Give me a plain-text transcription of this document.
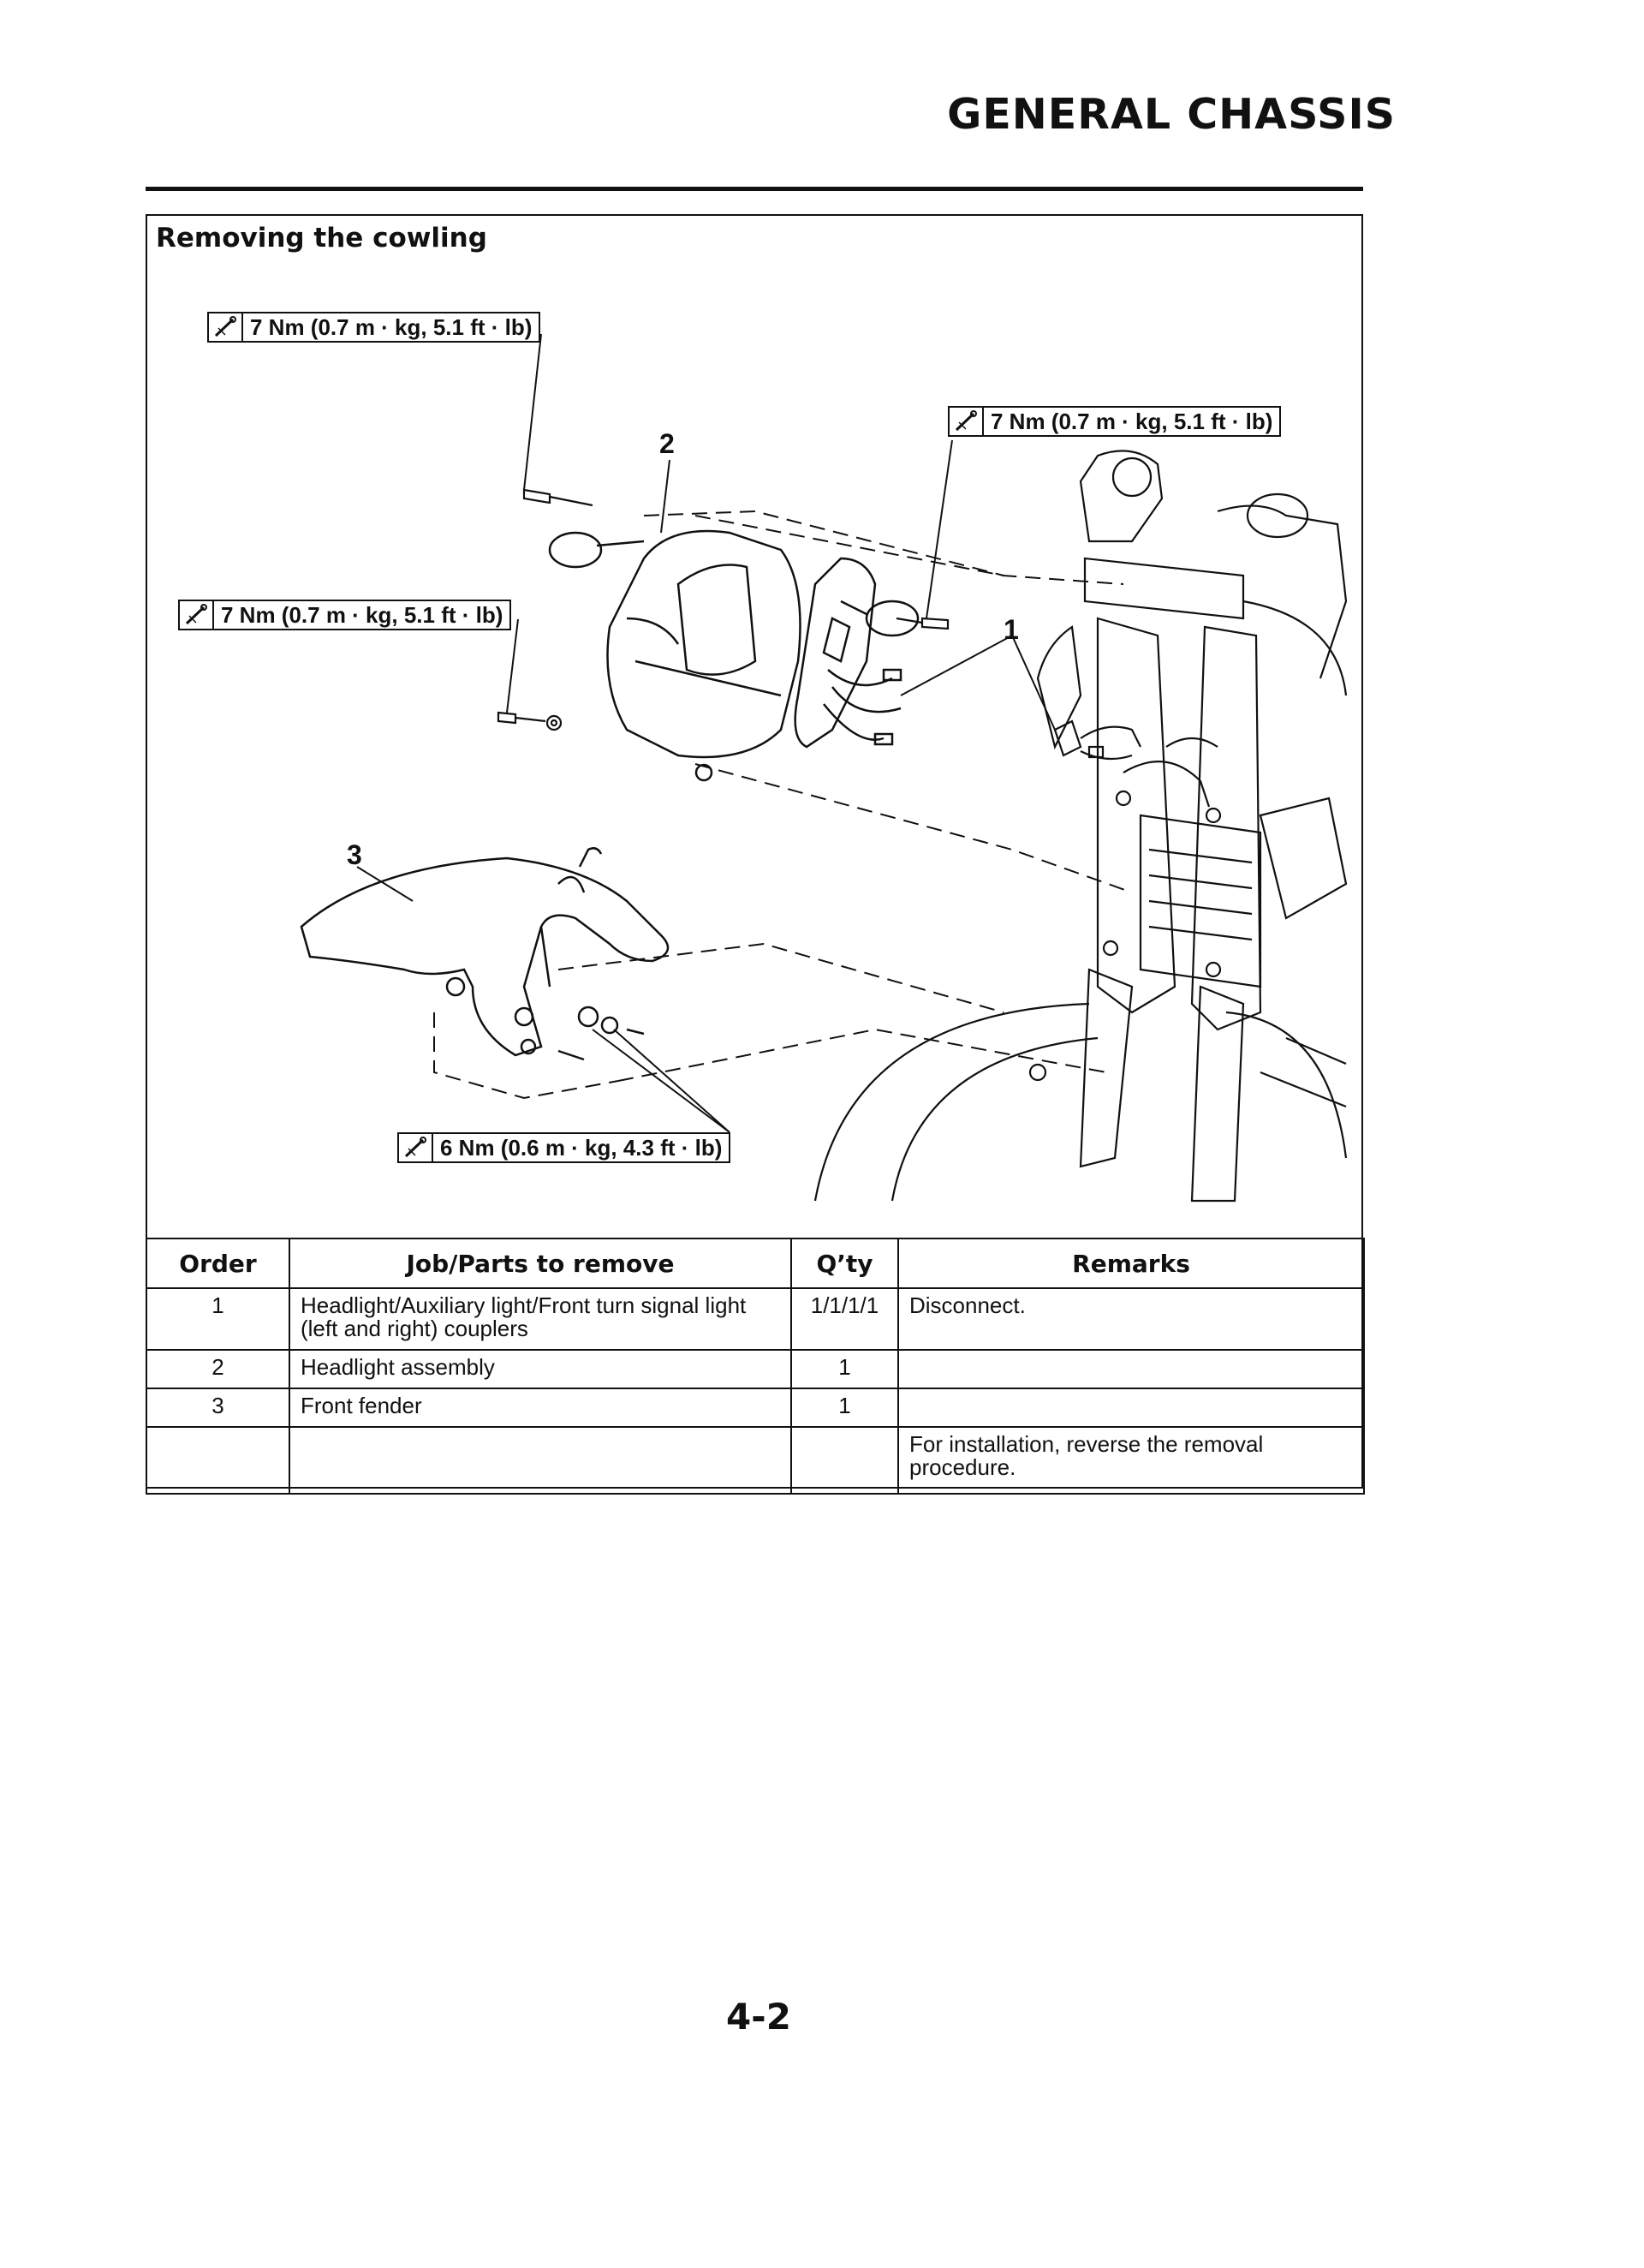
GENERAL CHASSIS
Removing the cowling
7 Nm (0.7 m · kg, 5.1 ft · lb)
7 Nm (0.7 m · kg, 5.1 ft · lb)
7 Nm (0.7 m · kg, 5.1 ft · lb)
6 Nm (0.6 m · kg, 4.3 ft · lb)
1
2
3
Order	Job/Parts to remove	Q’ty	Remarks
1	Headlight/Auxiliary light/Front turn signal light (left and right) couplers	1/1/1/1	Disconnect.
2	Headlight assembly	1	
3	Front fender	1	
			For installation, reverse the removal procedure.
4-2
